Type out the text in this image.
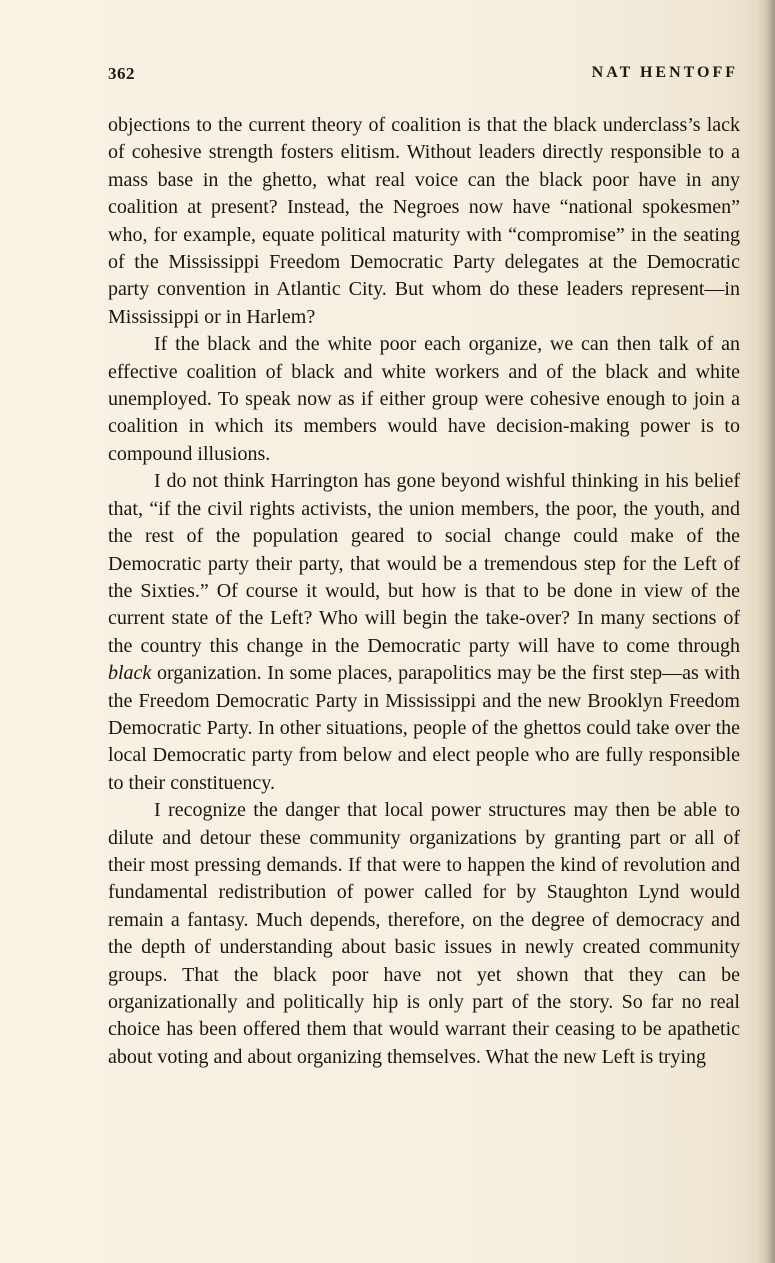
362	NAT HENTOFF

objections to the current theory of coalition is that the black underclass’s lack of cohesive strength fosters elitism. Without leaders directly responsible to a mass base in the ghetto, what real voice can the black poor have in any coalition at present? Instead, the Negroes now have “national spokesmen” who, for example, equate political maturity with “compromise” in the seating of the Mississippi Freedom Democratic Party delegates at the Democratic party convention in Atlantic City. But whom do these leaders represent—in Mississippi or in Harlem?

If the black and the white poor each organize, we can then talk of an effective coalition of black and white workers and of the black and white unemployed. To speak now as if either group were cohesive enough to join a coalition in which its members would have decision-making power is to compound illusions.

I do not think Harrington has gone beyond wishful thinking in his belief that, “if the civil rights activists, the union members, the poor, the youth, and the rest of the population geared to social change could make of the Democratic party their party, that would be a tremendous step for the Left of the Sixties.” Of course it would, but how is that to be done in view of the current state of the Left? Who will begin the take-over? In many sections of the country this change in the Democratic party will have to come through black organization. In some places, parapolitics may be the first step—as with the Freedom Democratic Party in Mississippi and the new Brooklyn Freedom Democratic Party. In other situations, people of the ghettos could take over the local Democratic party from below and elect people who are fully responsible to their constituency.

I recognize the danger that local power structures may then be able to dilute and detour these community organizations by granting part or all of their most pressing demands. If that were to happen the kind of revolution and fundamental redistribution of power called for by Staughton Lynd would remain a fantasy. Much depends, therefore, on the degree of democracy and the depth of understanding about basic issues in newly created community groups. That the black poor have not yet shown that they can be organizationally and politically hip is only part of the story. So far no real choice has been offered them that would warrant their ceasing to be apathetic about voting and about organizing themselves. What the new Left is trying
